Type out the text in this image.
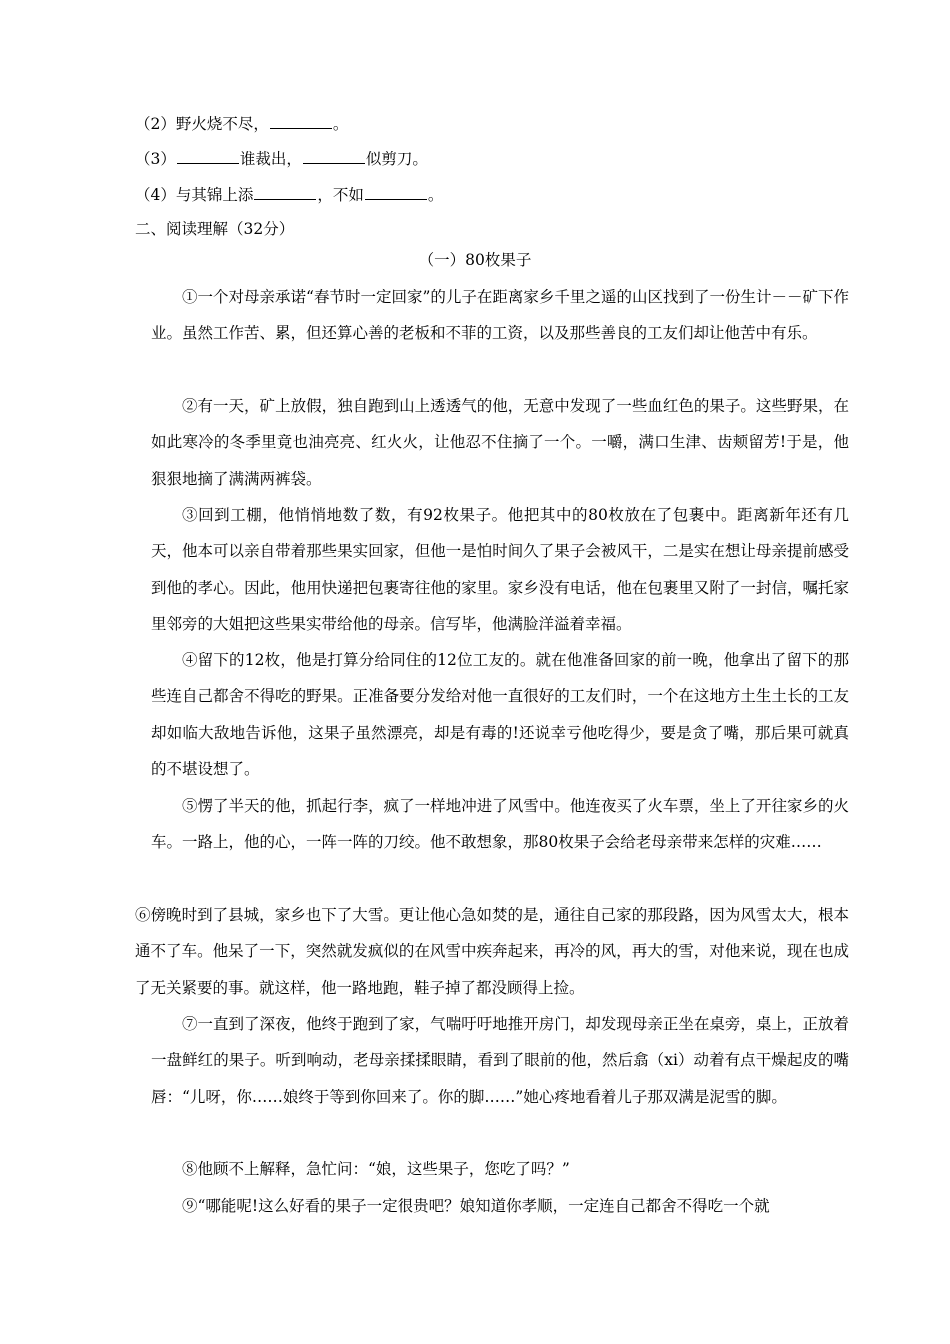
（2）野火烧不尽，	。
（3）	谁裁出，	似剪刀。
（4）与其锦上添	，不如	。
二、阅读理解（32分）
（一）80枚果子
①一个对母亲承诺“春节时一定回家”的儿子在距离家乡千里之遥的山区找到了一份生计－－矿下作业。虽然工作苦、累，但还算心善的老板和不菲的工资，以及那些善良的工友们却让他苦中有乐。
②有一天，矿上放假，独自跑到山上透透气的他，无意中发现了一些血红色的果子。这些野果，在如此寒冷的冬季里竟也油亮亮、红火火，让他忍不住摘了一个。一嚼，满口生津、齿颊留芳!于是，他狠狠地摘了满满两裤袋。
③回到工棚，他悄悄地数了数，有92枚果子。他把其中的80枚放在了包裹中。距离新年还有几天，他本可以亲自带着那些果实回家，但他一是怕时间久了果子会被风干，二是实在想让母亲提前感受到他的孝心。因此，他用快递把包裹寄往他的家里。家乡没有电话，他在包裹里又附了一封信，嘱托家里邻旁的大姐把这些果实带给他的母亲。信写毕，他满脸洋溢着幸福。
④留下的12枚，他是打算分给同住的12位工友的。就在他准备回家的前一晚，他拿出了留下的那些连自己都舍不得吃的野果。正准备要分发给对他一直很好的工友们时，一个在这地方土生土长的工友却如临大敌地告诉他，这果子虽然漂亮，却是有毒的!还说幸亏他吃得少，要是贪了嘴，那后果可就真的不堪设想了。
⑤愣了半天的他，抓起行李，疯了一样地冲进了风雪中。他连夜买了火车票，坐上了开往家乡的火车。一路上，他的心，一阵一阵的刀绞。他不敢想象，那80枚果子会给老母亲带来怎样的灾难……
⑥傍晚时到了县城，家乡也下了大雪。更让他心急如焚的是，通往自己家的那段路，因为风雪太大，根本通不了车。他呆了一下，突然就发疯似的在风雪中疾奔起来，再冷的风，再大的雪，对他来说，现在也成了无关紧要的事。就这样，他一路地跑，鞋子掉了都没顾得上捡。
⑦一直到了深夜，他终于跑到了家，气喘吁吁地推开房门，却发现母亲正坐在桌旁，桌上，正放着一盘鲜红的果子。听到响动，老母亲揉揉眼睛，看到了眼前的他，然后翕（xi）动着有点干燥起皮的嘴唇：“儿呀，你……娘终于等到你回来了。你的脚……”她心疼地看着儿子那双满是泥雪的脚。
⑧他顾不上解释，急忙问：“娘，这些果子，您吃了吗？”
⑨“哪能呢!这么好看的果子一定很贵吧？娘知道你孝顺，一定连自己都舍不得吃一个就
